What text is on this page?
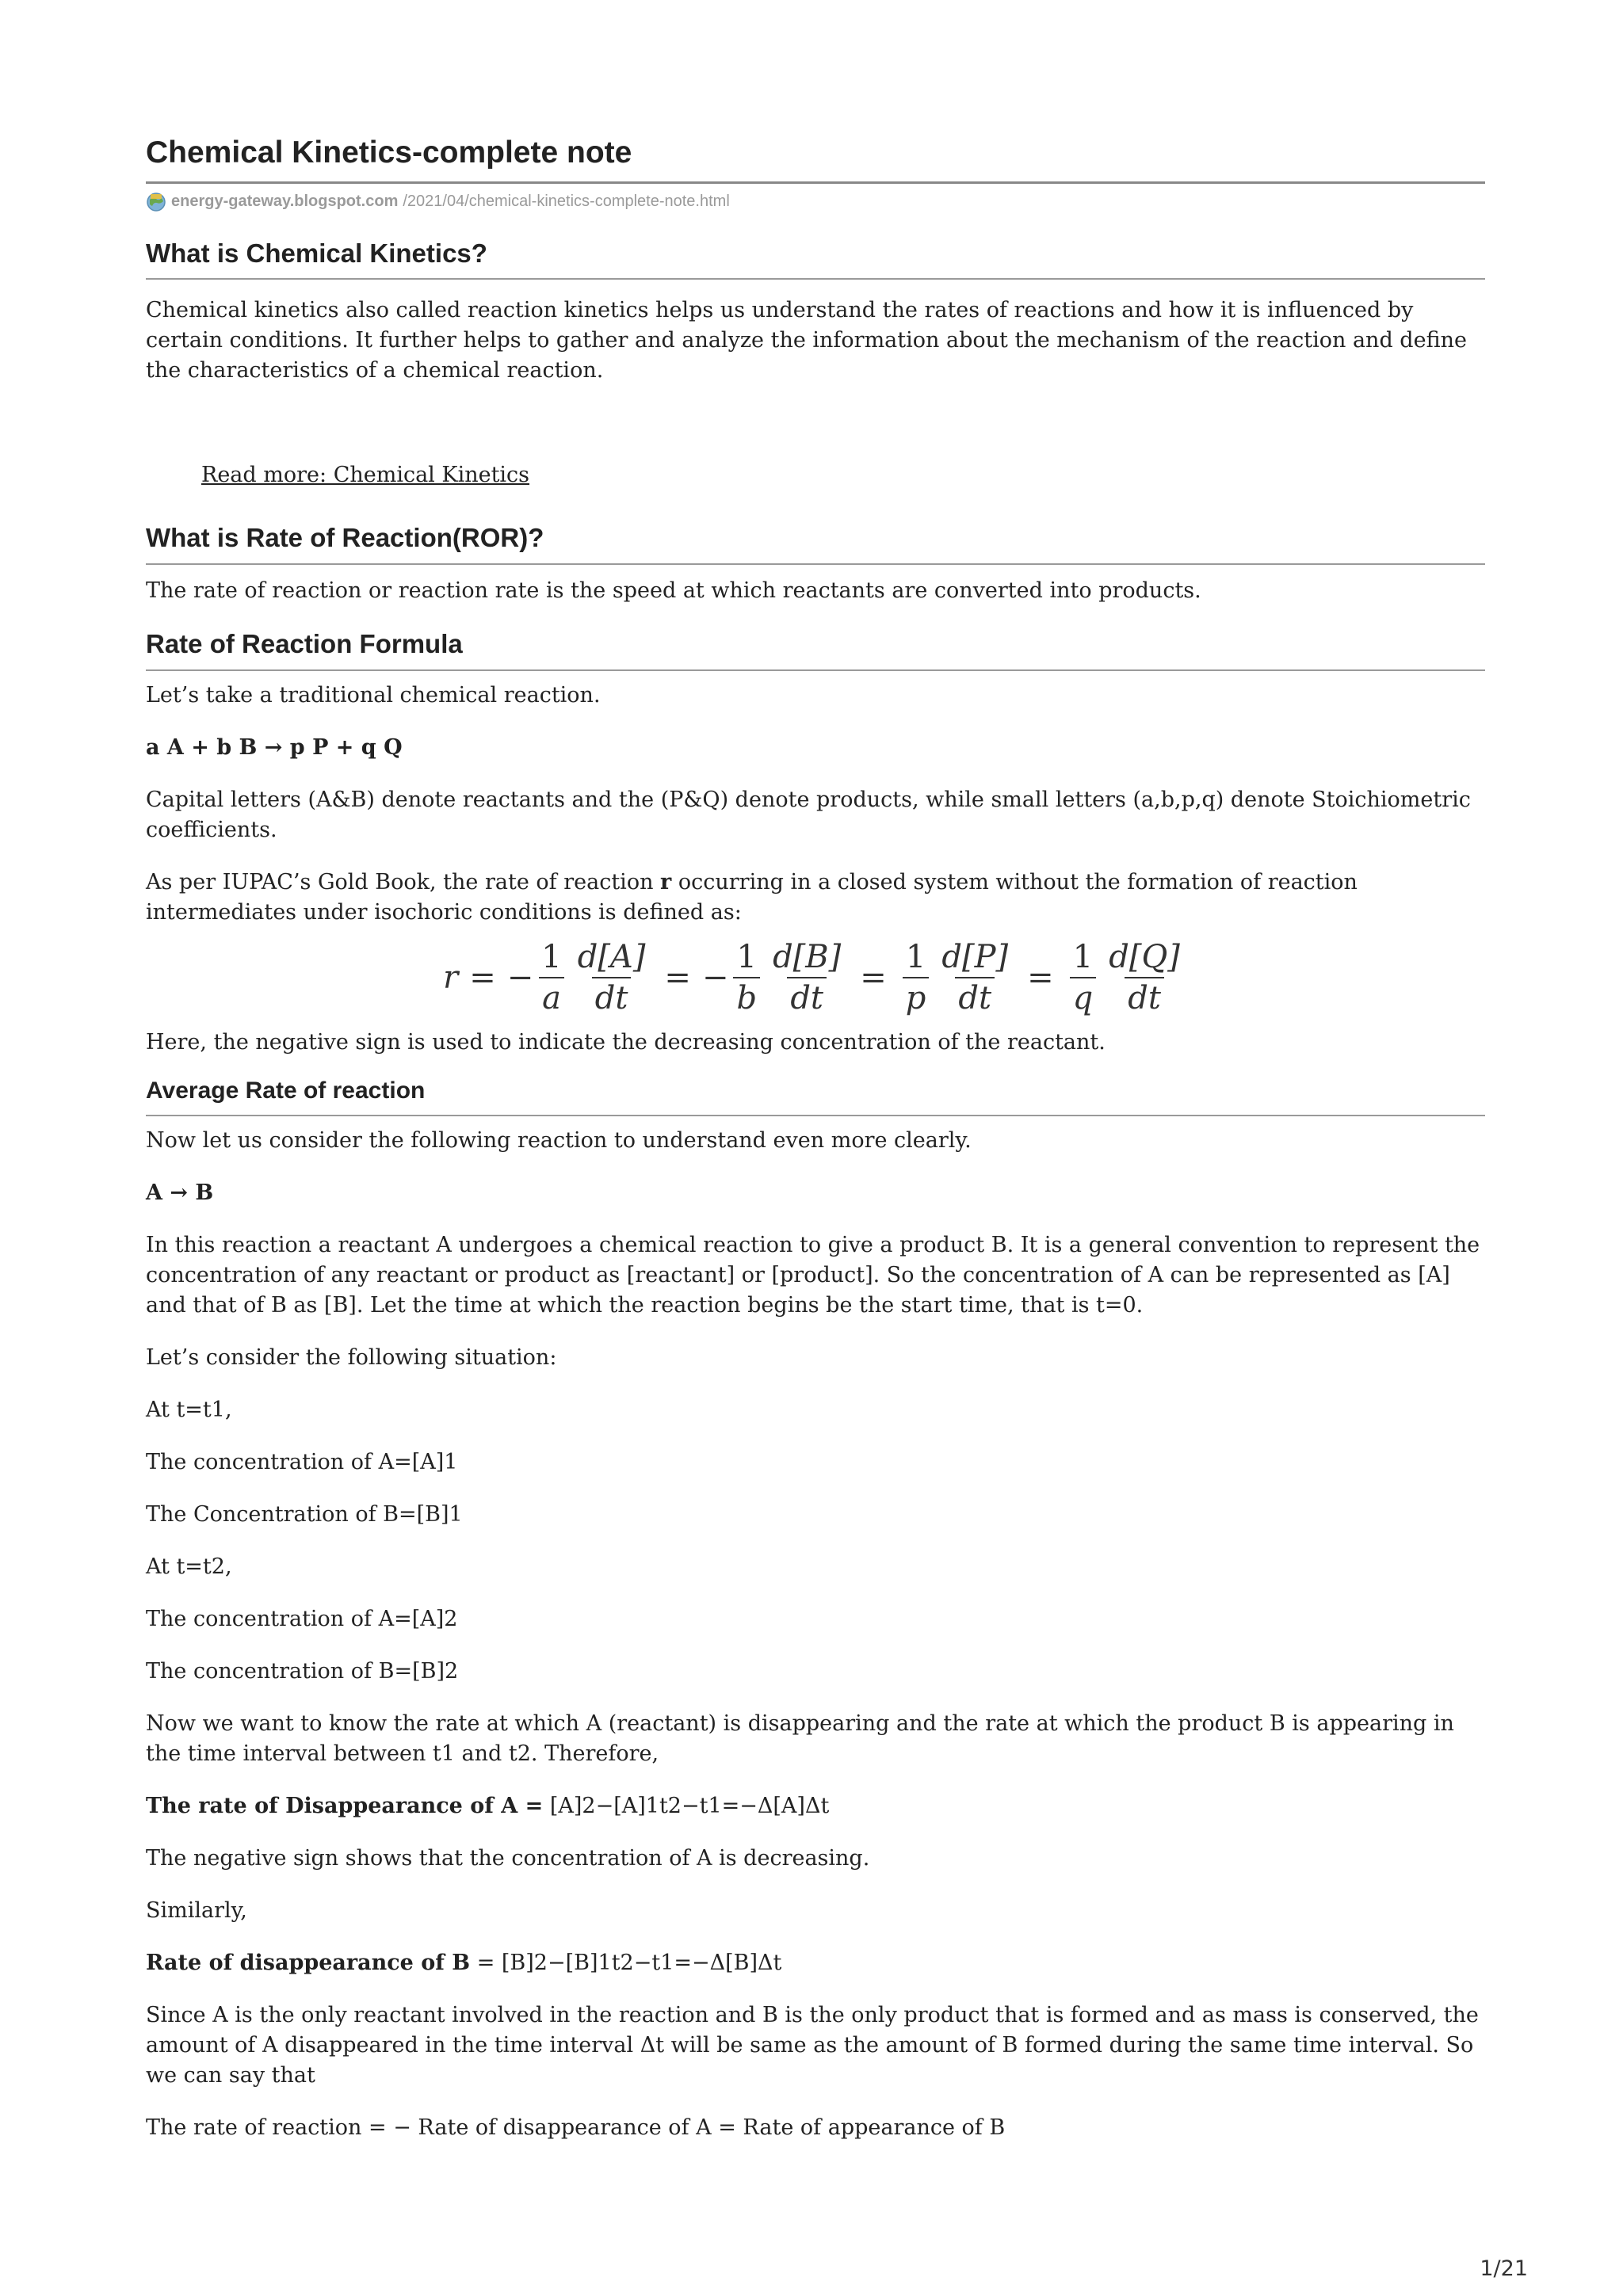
Chemical Kinetics-complete note
energy-gateway.blogspot.com /2021/04/chemical-kinetics-complete-note.html
What is Chemical Kinetics?

Chemical kinetics also called reaction kinetics helps us understand the rates of reactions and how it is influenced by certain conditions. It further helps to gather and analyze the information about the mechanism of the reaction and define the characteristics of a chemical reaction.

Read more: Chemical Kinetics

What is Rate of Reaction(ROR)?

The rate of reaction or reaction rate is the speed at which reactants are converted into products.

Rate of Reaction Formula

Let’s take a traditional chemical reaction.

a A + b B → p P + q Q

Capital letters (A&B) denote reactants and the (P&Q) denote products, while small letters (a,b,p,q) denote Stoichiometric coefficients.

As per IUPAC’s Gold Book, the rate of reaction r occurring in a closed system without the formation of reaction intermediates under isochoric conditions is defined as:

r = − $\frac{1}{a} \frac{d[A]}{dt}$ = − $\frac{1}{b} \frac{d[B]}{dt} = \frac{1}{p} \frac{d[P]}{dt} = \frac{1}{q} \frac{d[Q]}{dt}$

Here, the negative sign is used to indicate the decreasing concentration of the reactant.

Average Rate of reaction

Now let us consider the following reaction to understand even more clearly.

A → B

In this reaction a reactant A undergoes a chemical reaction to give a product B. It is a general convention to represent the concentration of any reactant or product as [reactant] or [product]. So the concentration of A can be represented as [A] and that of B as [B]. Let the time at which the reaction begins be the start time, that is t=0.

Let’s consider the following situation:

At t=t1,

The concentration of A=[A]1

The Concentration of B=[B]1

At t=t2,

The concentration of A=[A]2

The concentration of B=[B]2

Now we want to know the rate at which A (reactant) is disappearing and the rate at which the product B is appearing in the time interval between t1 and t2. Therefore,

The rate of Disappearance of A = [A]2−[A]1t2−t1=−Δ[A]Δt

The negative sign shows that the concentration of A is decreasing.

Similarly,

Rate of disappearance of B = [B]2−[B]1t2−t1=−Δ[B]Δt

Since A is the only reactant involved in the reaction and B is the only product that is formed and as mass is conserved, the amount of A disappeared in the time interval Δt will be same as the amount of B formed during the same time interval. So we can say that

The rate of reaction = − Rate of disappearance of A = Rate of appearance of B

1/21
